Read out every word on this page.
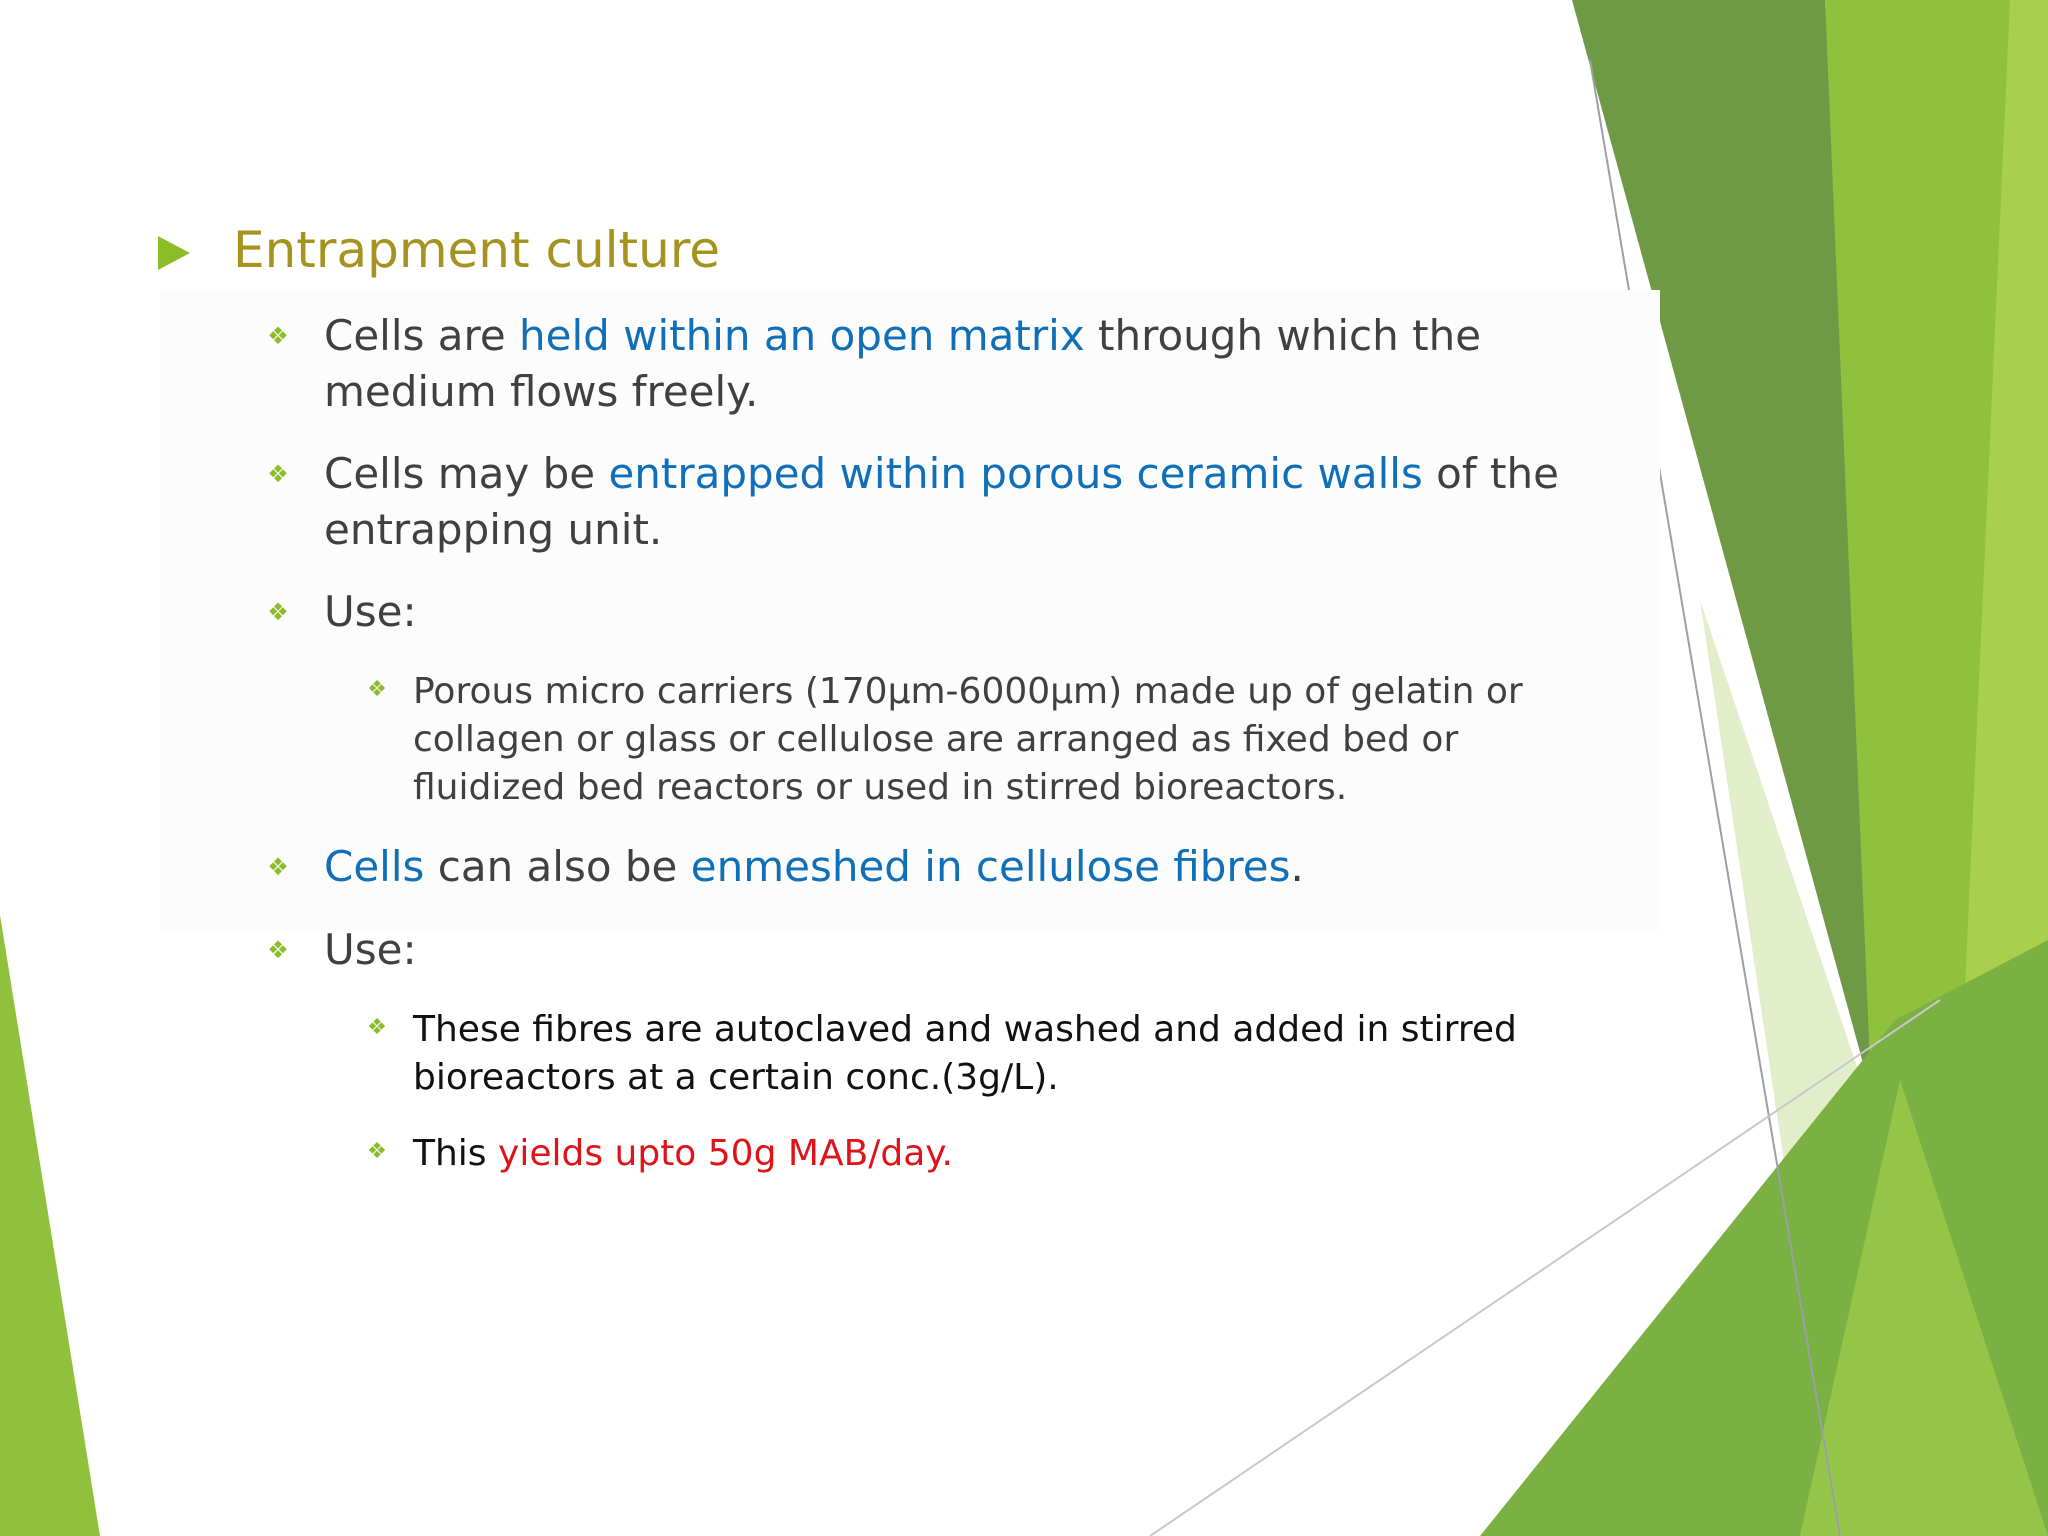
Entrapment culture
❖ Cells are held within an open matrix through which the medium flows freely.
❖ Cells may be entrapped within porous ceramic walls of the entrapping unit.
❖ Use:
❖ Porous micro carriers (170µm-6000µm) made up of gelatin or collagen or glass or cellulose are arranged as fixed bed or fluidized bed reactors or used in stirred bioreactors.
❖ Cells can also be enmeshed in cellulose fibres.
❖ Use:
❖ These fibres are autoclaved and washed and added in stirred bioreactors at a certain conc.(3g/L).
❖ This yields upto 50g MAB/day.
